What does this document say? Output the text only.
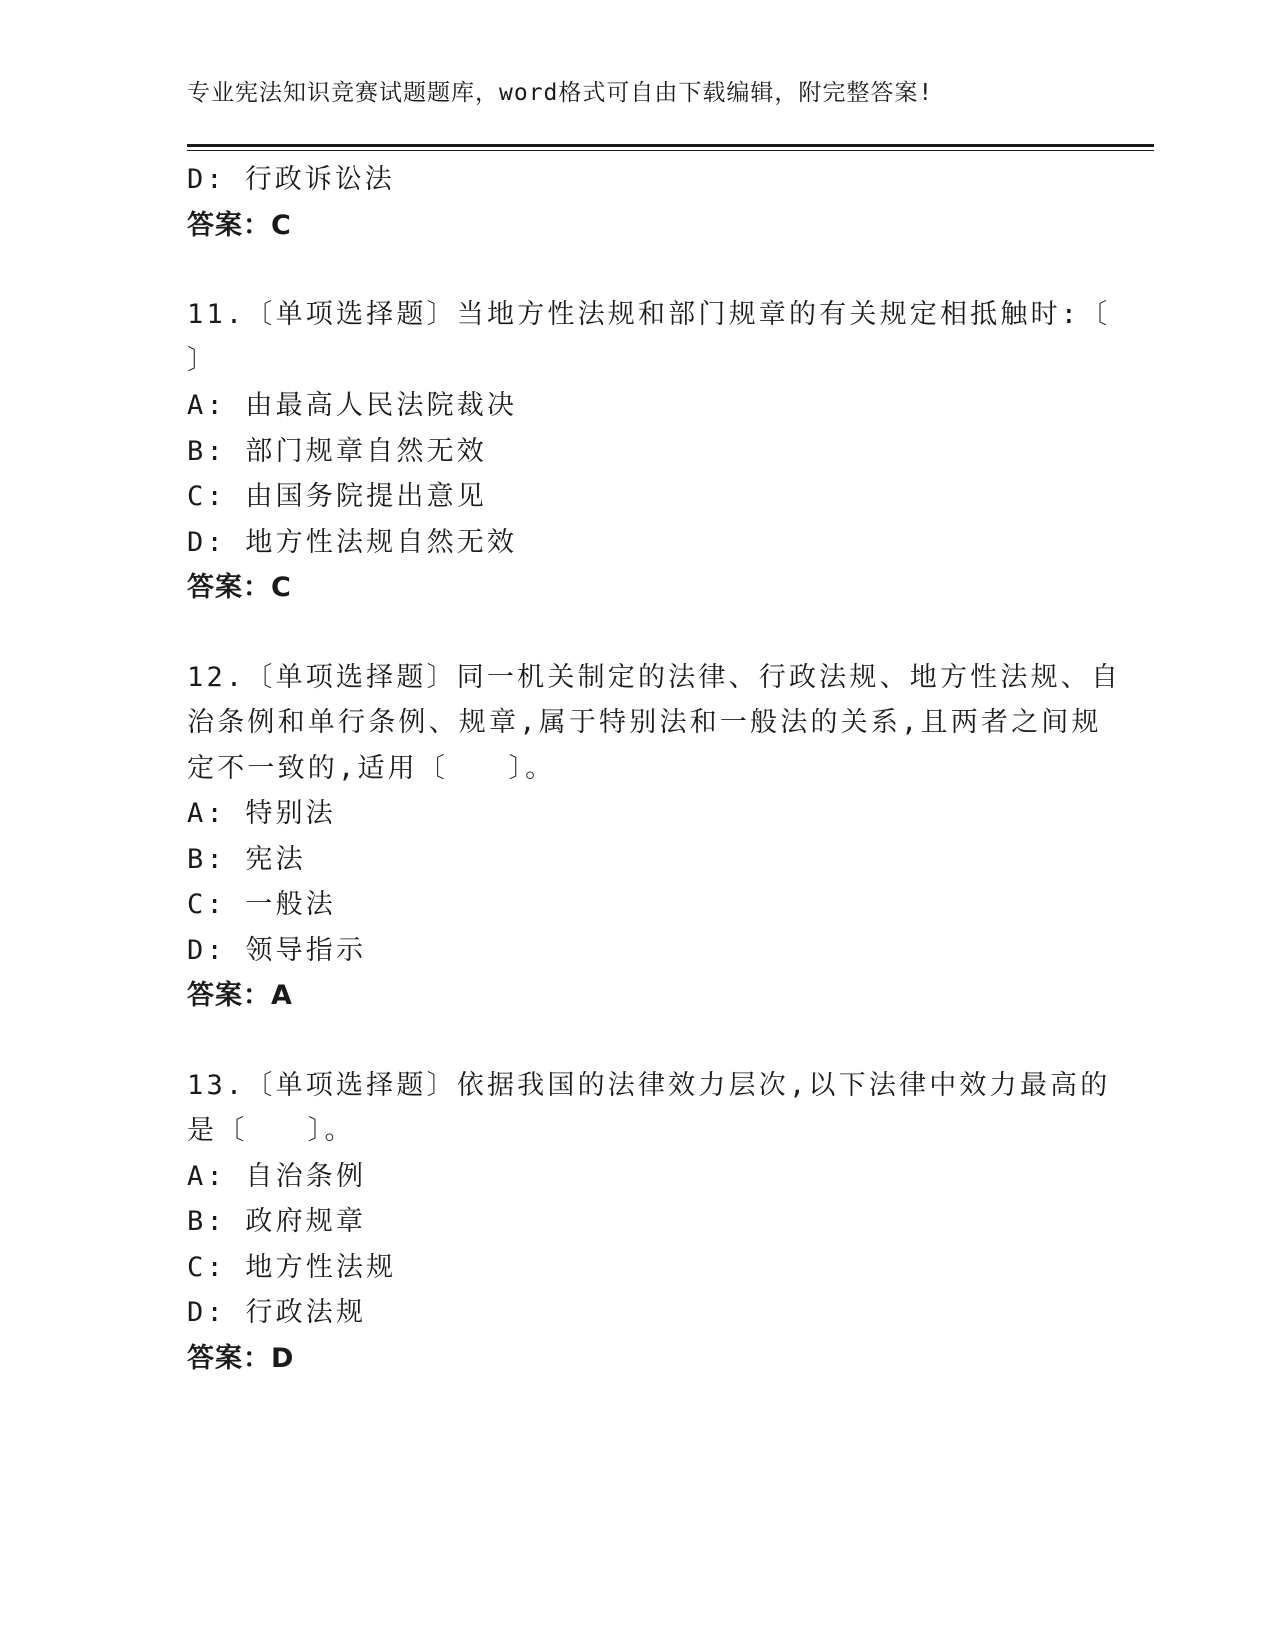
专业宪法知识竞赛试题题库，word格式可自由下载编辑，附完整答案!
D: 行政诉讼法
答案：C
11.〔单项选择题〕当地方性法规和部门规章的有关规定相抵触时:〔
〕
A: 由最高人民法院裁决
B: 部门规章自然无效
C: 由国务院提出意见
D: 地方性法规自然无效
答案：C
12.〔单项选择题〕同一机关制定的法律、行政法规、地方性法规、自
治条例和单行条例、规章,属于特别法和一般法的关系,且两者之间规
定不一致的,适用〔　　〕。
A: 特别法
B: 宪法
C: 一般法
D: 领导指示
答案：A
13.〔单项选择题〕依据我国的法律效力层次,以下法律中效力最高的
是〔　　〕。
A: 自治条例
B: 政府规章
C: 地方性法规
D: 行政法规
答案：D
